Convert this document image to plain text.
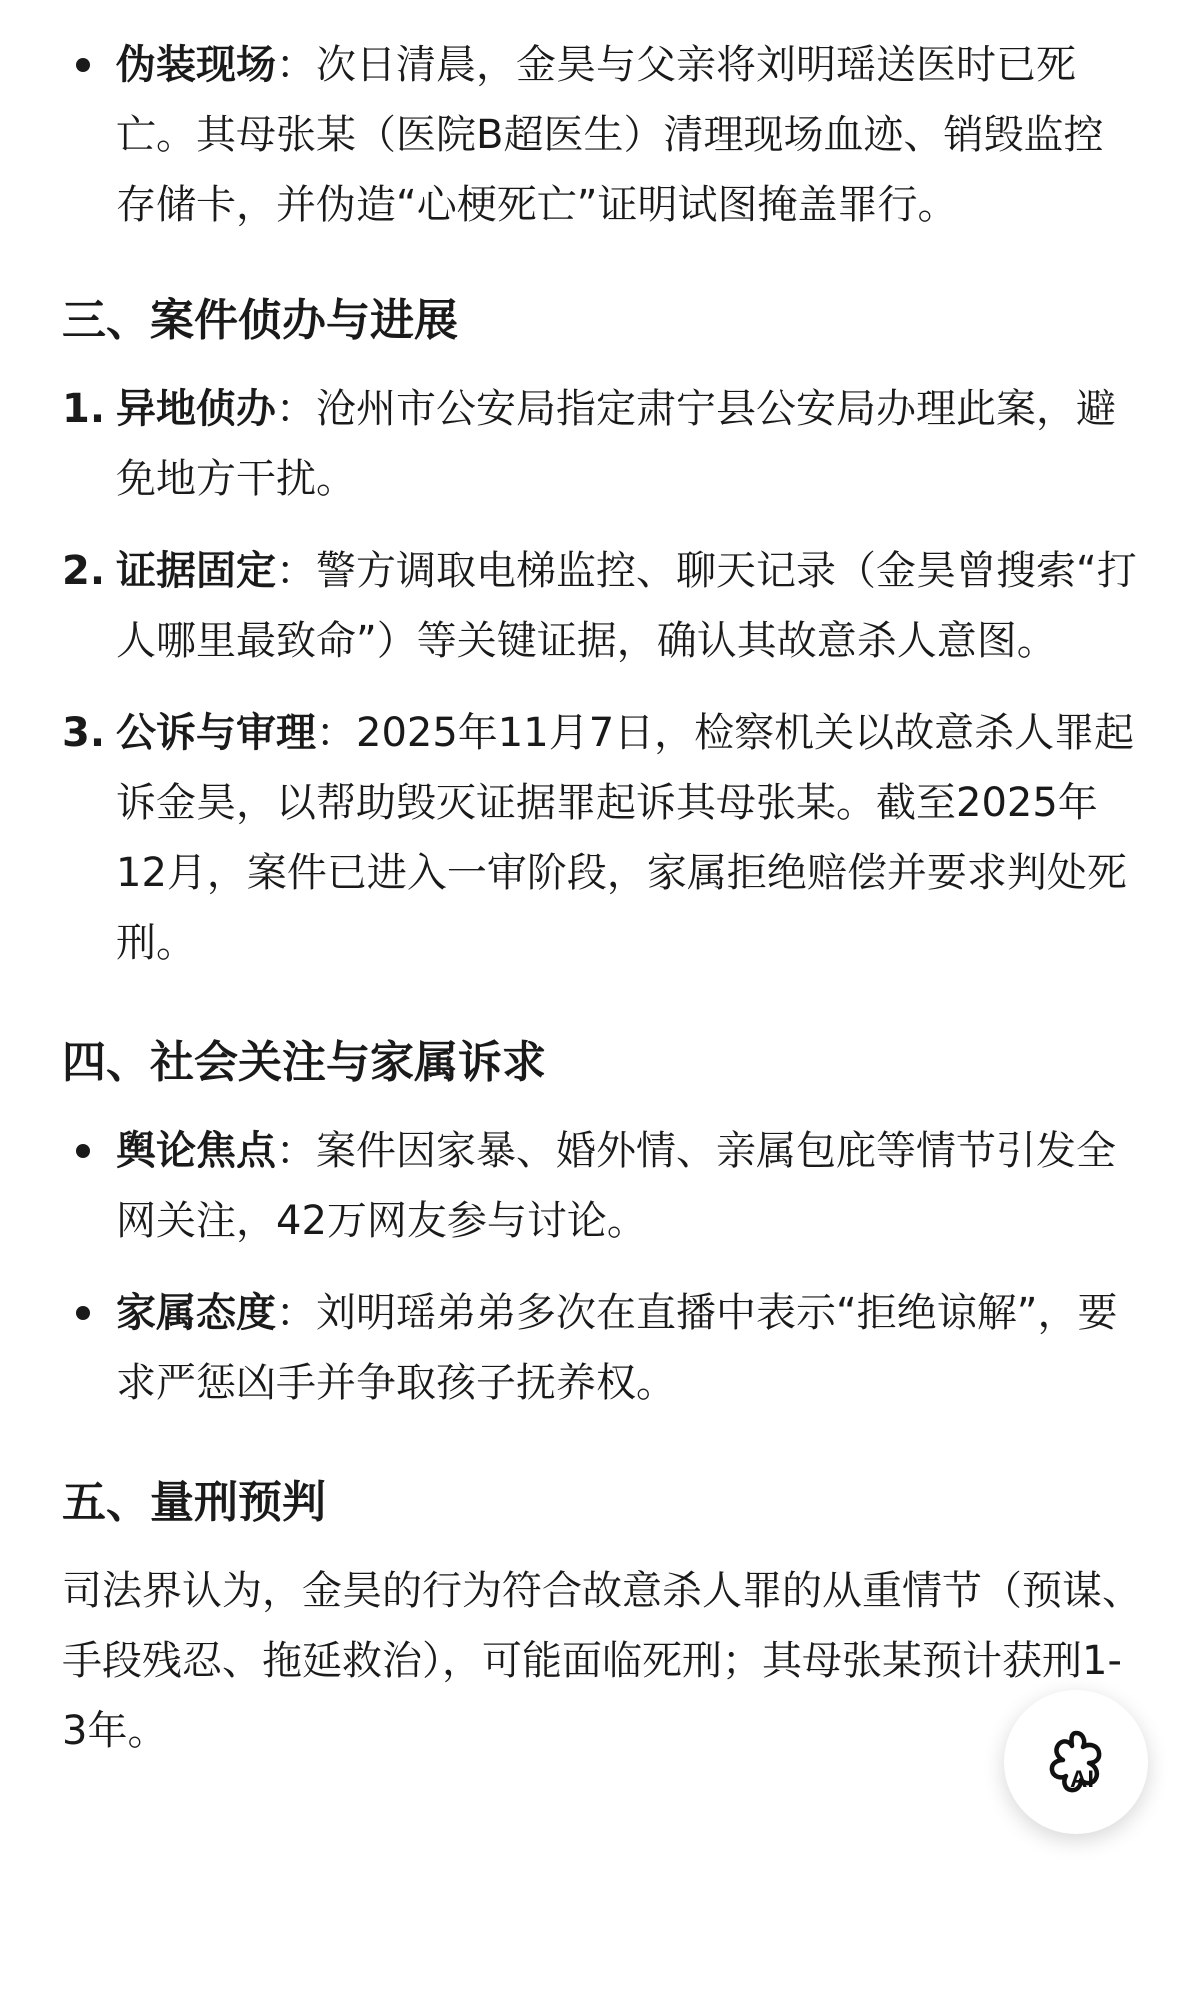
伪装现场：次日清晨，金昊与父亲将刘明瑶送医时已死亡。其母张某（医院B超医生）清理现场血迹、销毁监控存储卡，并伪造“心梗死亡”证明试图掩盖罪行。
三、案件侦办与进展
1. 异地侦办：沧州市公安局指定肃宁县公安局办理此案，避免地方干扰。
2. 证据固定：警方调取电梯监控、聊天记录（金昊曾搜索“打人哪里最致命”）等关键证据，确认其故意杀人意图。
3. 公诉与审理：2025年11月7日，检察机关以故意杀人罪起诉金昊，以帮助毁灭证据罪起诉其母张某。截至2025年12月，案件已进入一审阶段，家属拒绝赔偿并要求判处死刑。
四、社会关注与家属诉求
舆论焦点：案件因家暴、婚外情、亲属包庇等情节引发全网关注，42万网友参与讨论。
家属态度：刘明瑶弟弟多次在直播中表示“拒绝谅解”，要求严惩凶手并争取孩子抚养权。
五、量刑预判

司法界认为，金昊的行为符合故意杀人罪的从重情节（预谋、手段残忍、拖延救治），可能面临死刑；其母张某预计获刑1-3年。

AI
